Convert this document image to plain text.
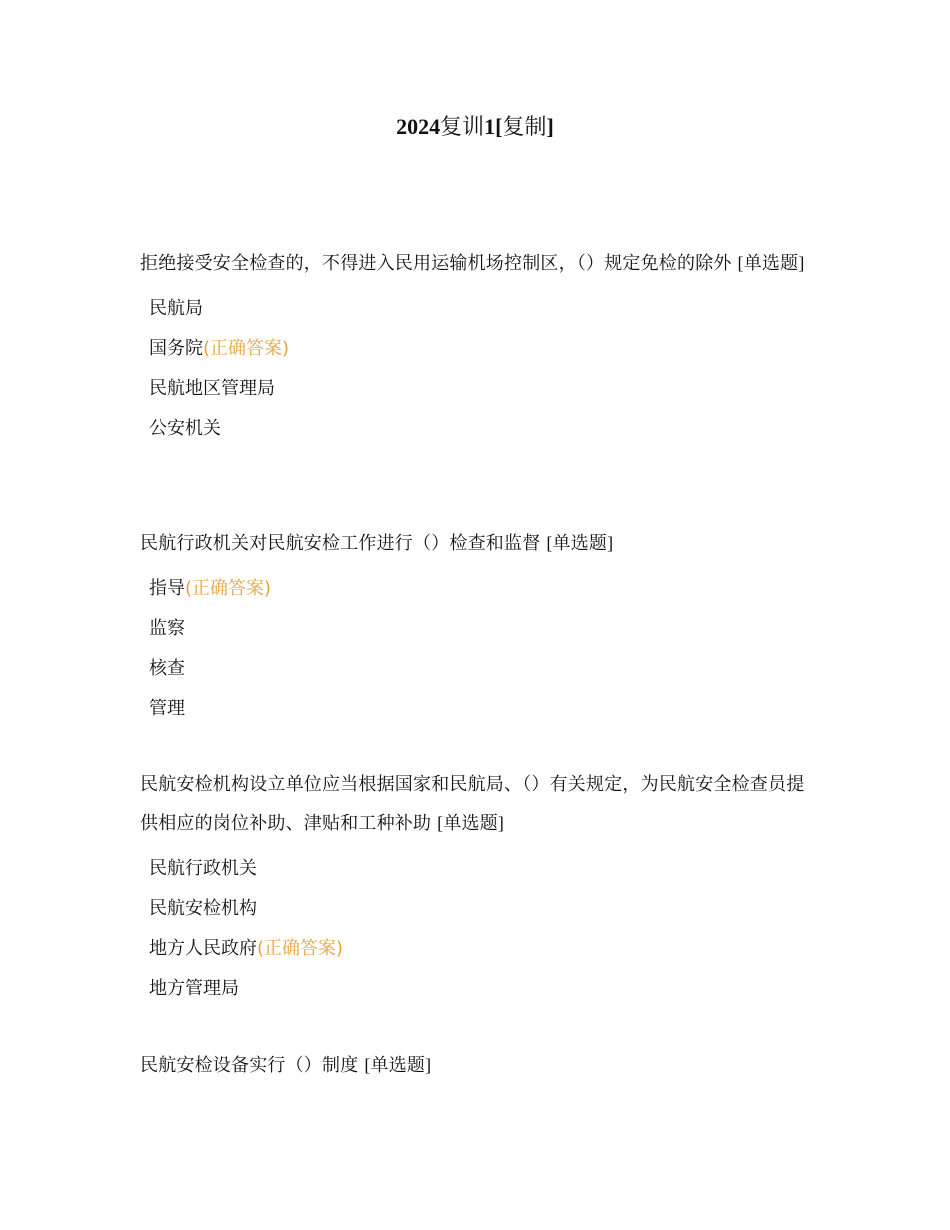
2024复训1[复制]

拒绝接受安全检查的，不得进入民用运输机场控制区，（）规定免检的除外 [单选题]

民航局
国务院(正确答案)
民航地区管理局
公安机关

民航行政机关对民航安检工作进行（）检查和监督 [单选题]

指导(正确答案)
监察
核查
管理

民航安检机构设立单位应当根据国家和民航局、（）有关规定，为民航安全检查员提供相应的岗位补助、津贴和工种补助 [单选题]

民航行政机关
民航安检机构
地方人民政府(正确答案)
地方管理局

民航安检设备实行（）制度 [单选题]
